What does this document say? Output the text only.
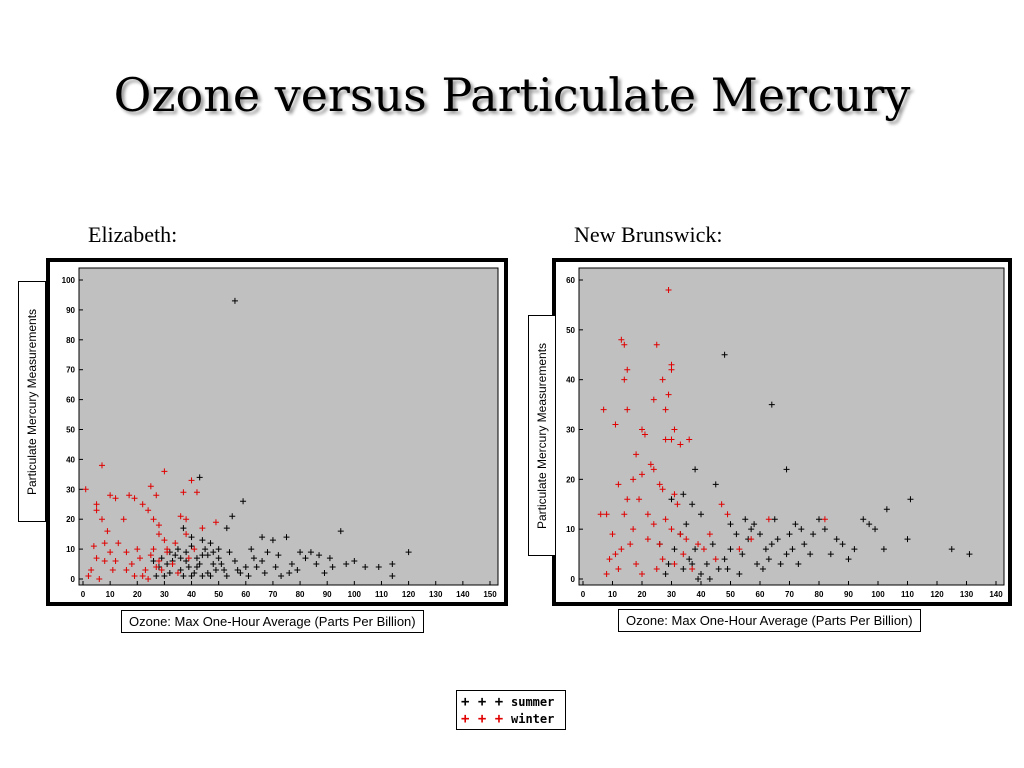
Ozone versus Particulate Mercury
Elizabeth:	New Brunswick:
0
10
20
30
40
50
60
70
80
90
100
0	10 20 30 40 50 60 70 80 90 100 110 120 130 140 150
0
10
20
30
40
50
60
0	10	20	30	40	50	60	70	80	90 100 110 120 130 140
Particulate Mercury Measurements	Particulate Mercury Measurements
Ozone: Max One-Hour Average (Parts Per Billion)	Ozone: Max One-Hour Average (Parts Per Billion)
+ + + summer
+ + + winter
